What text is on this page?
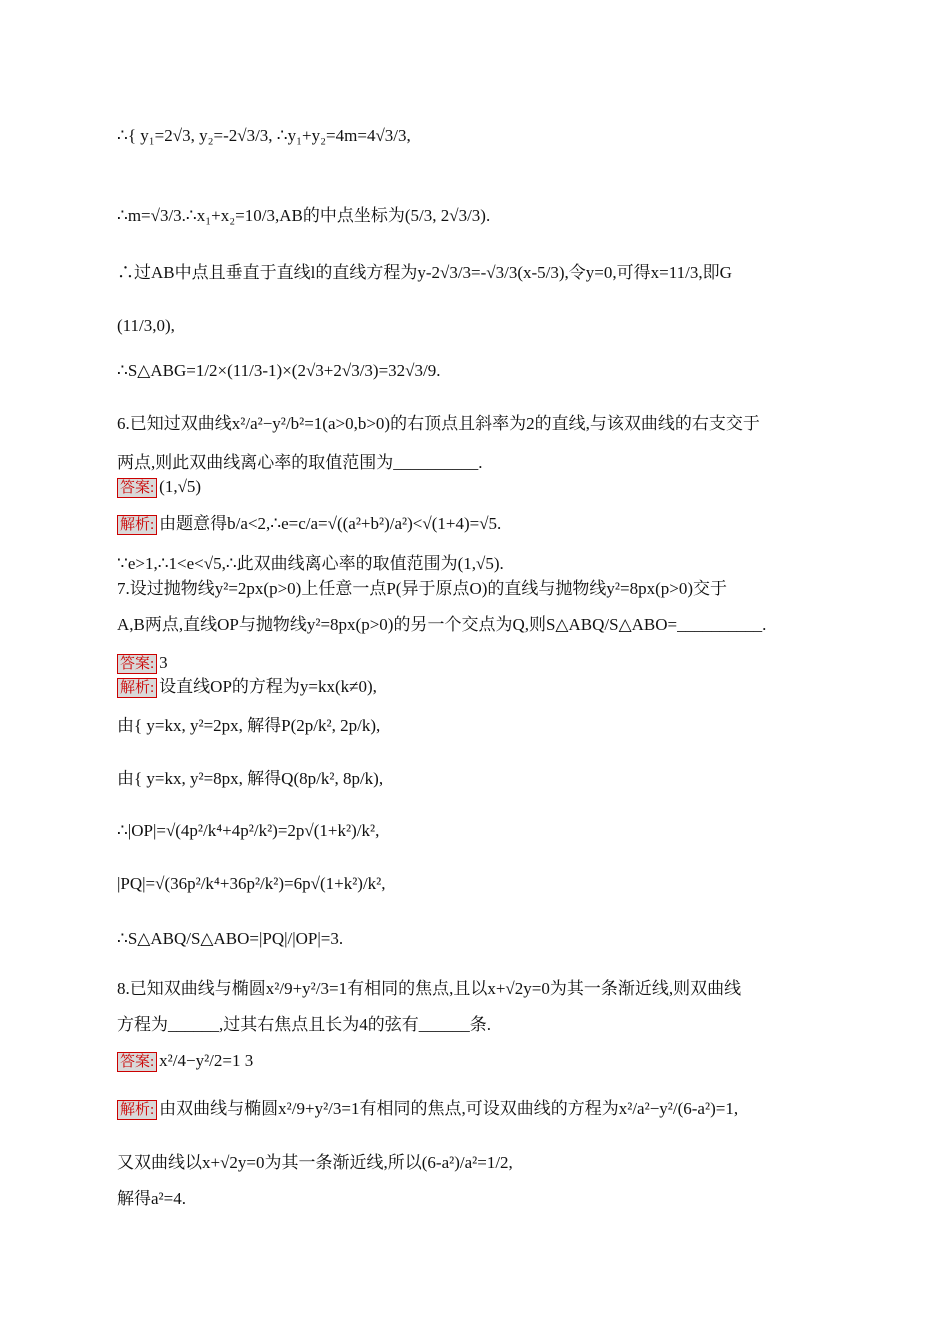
∴{ y₁=2√3, y₂=-2√3/3, ∴y₁+y₂=4m=4√3/3,
∴m=√3/3.∴x₁+x₂=10/3,AB的中点坐标为(5/3, 2√3/3).
∴过AB中点且垂直于直线l的直线方程为y-2√3/3=-√3/3(x-5/3),令y=0,可得x=11/3,即G
(11/3,0),
∴S△ABG=1/2×(11/3-1)×(2√3+2√3/3)=32√3/9.
6.已知过双曲线x²/a²−y²/b²=1(a>0,b>0)的右顶点且斜率为2的直线,与该双曲线的右支交于
两点,则此双曲线离心率的取值范围为__________.
答案: (1,√5)
解析: 由题意得b/a<2,∴e=c/a=√((a²+b²)/a²)<√(1+4)=√5.
∵e>1,∴1<e<√5,∴此双曲线离心率的取值范围为(1,√5).
7.设过抛物线y²=2px(p>0)上任意一点P(异于原点O)的直线与抛物线y²=8px(p>0)交于
A,B两点,直线OP与抛物线y²=8px(p>0)的另一个交点为Q,则S△ABQ/S△ABO=__________.
答案: 3
解析: 设直线OP的方程为y=kx(k≠0),
由{ y=kx, y²=2px, 解得P(2p/k², 2p/k),
由{ y=kx, y²=8px, 解得Q(8p/k², 8p/k),
∴|OP|=√(4p²/k⁴+4p²/k²)=2p√(1+k²)/k²,
|PQ|=√(36p²/k⁴+36p²/k²)=6p√(1+k²)/k²,
∴S△ABQ/S△ABO=|PQ|/|OP|=3.
8.已知双曲线与椭圆x²/9+y²/3=1有相同的焦点,且以x+√2y=0为其一条渐近线,则双曲线
方程为______,过其右焦点且长为4的弦有______条.
答案: x²/4−y²/2=1 3
解析: 由双曲线与椭圆x²/9+y²/3=1有相同的焦点,可设双曲线的方程为x²/a²−y²/(6-a²)=1,
又双曲线以x+√2y=0为其一条渐近线,所以(6-a²)/a²=1/2,
解得a²=4.
